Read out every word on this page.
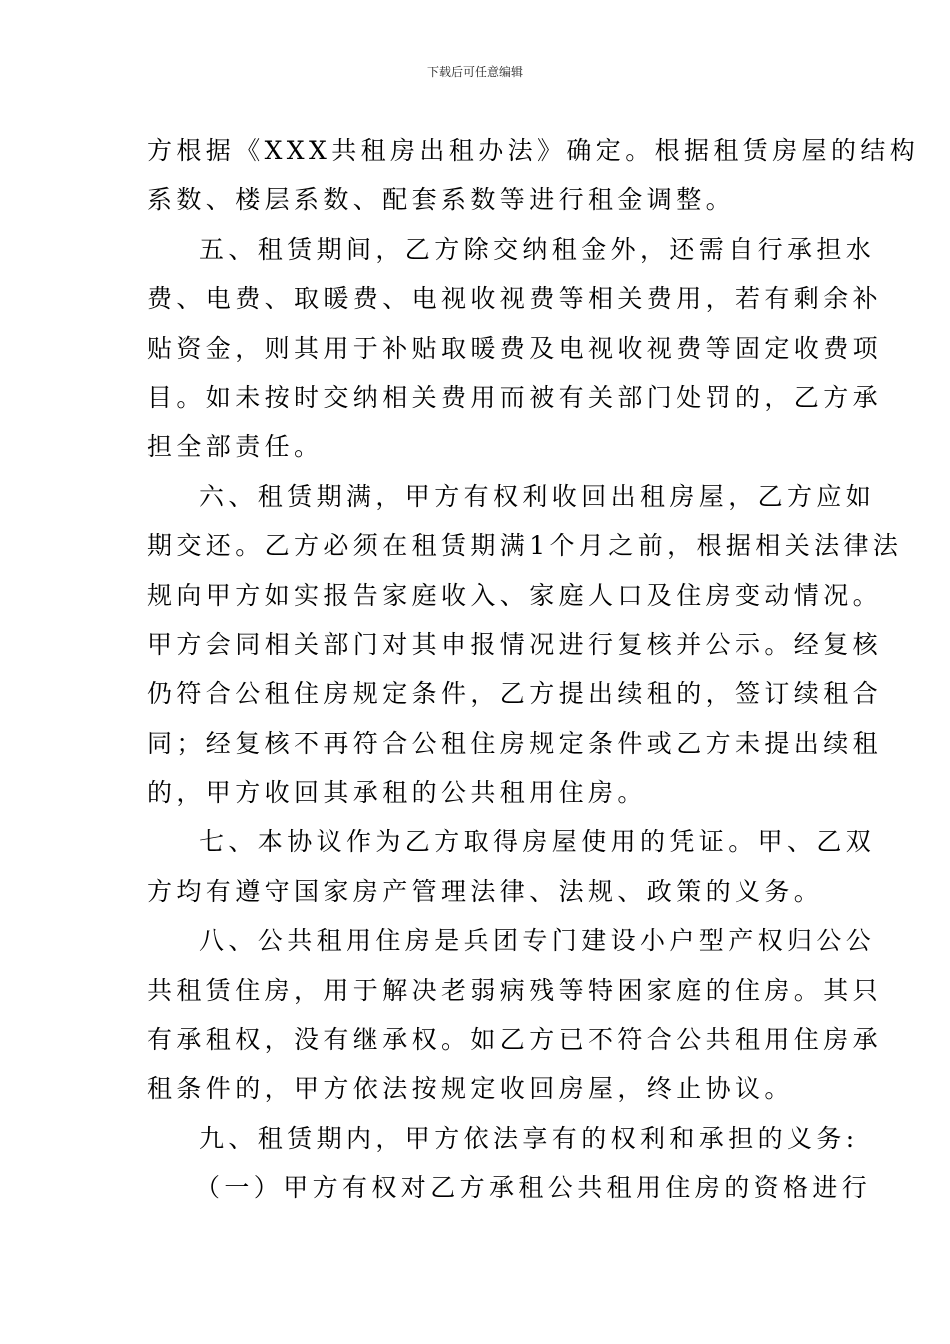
下载后可任意编辑
方根据《XXX共租房出租办法》确定。根据租赁房屋的结构
系数、楼层系数、配套系数等进行租金调整。
五、租赁期间，乙方除交纳租金外，还需自行承担水
费、电费、取暖费、电视收视费等相关费用，若有剩余补
贴资金，则其用于补贴取暖费及电视收视费等固定收费项
目。如未按时交纳相关费用而被有关部门处罚的，乙方承
担全部责任。
六、租赁期满，甲方有权利收回出租房屋，乙方应如
期交还。乙方必须在租赁期满1个月之前，根据相关法律法
规向甲方如实报告家庭收入、家庭人口及住房变动情况。
甲方会同相关部门对其申报情况进行复核并公示。经复核
仍符合公租住房规定条件，乙方提出续租的，签订续租合
同；经复核不再符合公租住房规定条件或乙方未提出续租
的，甲方收回其承租的公共租用住房。
七、本协议作为乙方取得房屋使用的凭证。甲、乙双
方均有遵守国家房产管理法律、法规、政策的义务。
八、公共租用住房是兵团专门建设小户型产权归公公
共租赁住房，用于解决老弱病残等特困家庭的住房。其只
有承租权，没有继承权。如乙方已不符合公共租用住房承
租条件的，甲方依法按规定收回房屋，终止协议。
九、租赁期内，甲方依法享有的权利和承担的义务:
（一）甲方有权对乙方承租公共租用住房的资格进行
